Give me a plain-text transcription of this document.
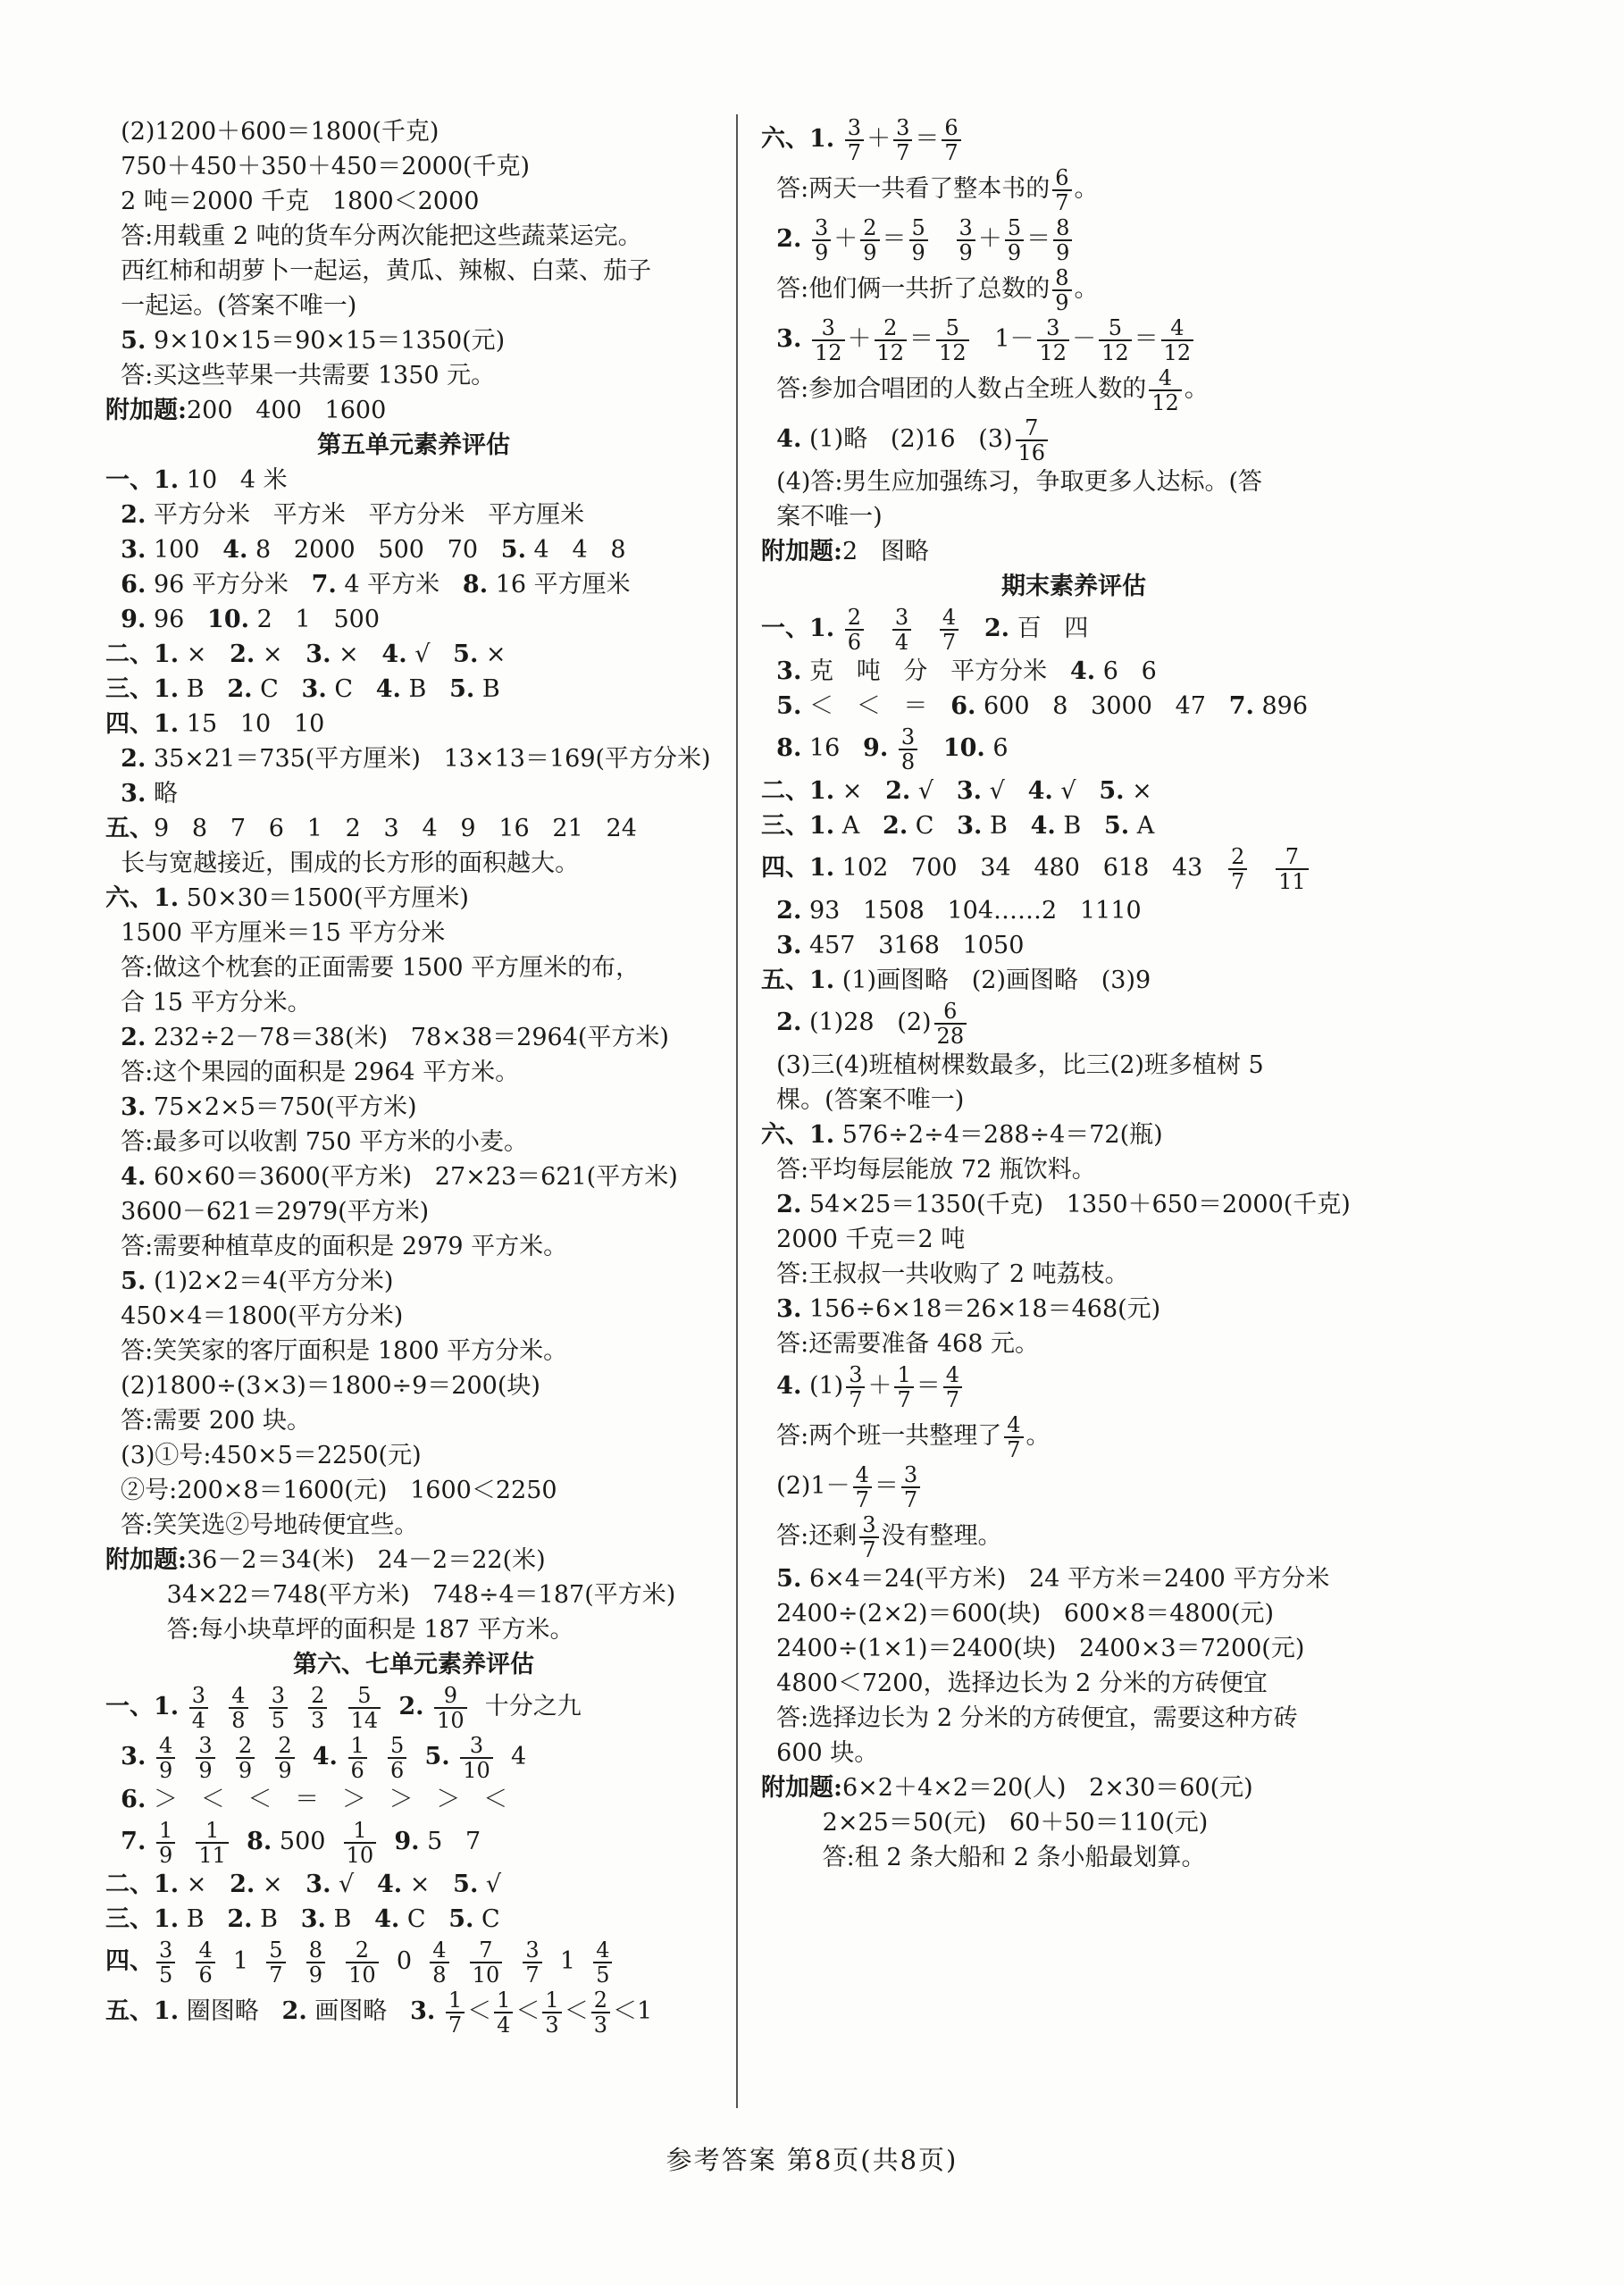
(2)1200＋600＝1800(千克)
750＋450＋350＋450＝2000(千克)
2 吨＝2000 千克   1800＜2000
答:用载重 2 吨的货车分两次能把这些蔬菜运完。
西红柿和胡萝卜一起运，黄瓜、辣椒、白菜、茄子
一起运。(答案不唯一)
5. 9×10×15＝90×15＝1350(元)
答:买这些苹果一共需要 1350 元。
附加题:200   400   1600
第五单元素养评估
一、1. 10   4 米
2. 平方分米   平方米   平方分米   平方厘米
3. 100   4. 8   2000   500   70   5. 4   4   8
6. 96 平方分米   7. 4 平方米   8. 16 平方厘米
9. 96   10. 2   1   500
二、1. ×   2. ×   3. ×   4. √   5. ×
三、1. B   2. C   3. C   4. B   5. B
四、1. 15   10   10
2. 35×21＝735(平方厘米)   13×13＝169(平方分米)
3. 略
五、9   8   7   6   1   2   3   4   9   16   21   24
长与宽越接近，围成的长方形的面积越大。
六、1. 50×30＝1500(平方厘米)
1500 平方厘米＝15 平方分米
答:做这个枕套的正面需要 1500 平方厘米的布，
合 15 平方分米。
2. 232÷2－78＝38(米)   78×38＝2964(平方米)
答:这个果园的面积是 2964 平方米。
3. 75×2×5＝750(平方米)
答:最多可以收割 750 平方米的小麦。
4. 60×60＝3600(平方米)   27×23＝621(平方米)
3600－621＝2979(平方米)
答:需要种植草皮的面积是 2979 平方米。
5. (1)2×2＝4(平方分米)
450×4＝1800(平方分米)
答:笑笑家的客厅面积是 1800 平方分米。
(2)1800÷(3×3)＝1800÷9＝200(块)
答:需要 200 块。
(3)①号:450×5＝2250(元)
②号:200×8＝1600(元)   1600＜2250
答:笑笑选②号地砖便宜些。
附加题:36－2＝34(米)   24－2＝22(米)
34×22＝748(平方米)   748÷4＝187(平方米)
答:每小块草坪的面积是 187 平方米。
第六、七单元素养评估
一、1. $\frac{3}{4}$
$\frac{4}{8}$
$\frac{3}{5}$
$\frac{2}{3}$
$\frac{5}{14} 2$. $\frac{9}{10}$ 十分之九
3. $\frac{4}{9}$
$\frac{3}{9}$
$\frac{2}{9}$
$\frac{2}{9} 4$. $\frac{1}{6}$
$\frac{5}{6} 5$. $\frac{3}{10} 4$
6. ＞   ＜   ＜   ＝   ＞   ＞   ＞   ＜
7. $\frac{1}{9}$
$\frac{1}{11} 8$. $500 \frac{1}{10} 9$. 5   7
二、1. ×   2. ×   3. √   4. ×   5. √
三、1. B   2. B   3. B   4. C   5. C
四、 $\frac{3}{5}$
$\frac{4}{6} 1 \frac{5}{7}$
$\frac{8}{9}$
$\frac{2}{10} 0 \frac{4}{8}$
$\frac{7}{10}$
$\frac{3}{7} 1 \frac{4}{5}$
五、1. 圈图略   2. 画图略   3. $\frac{1}{7} < \frac{1}{4} < \frac{1}{3} < \frac{2}{3} <1$
六、1. $\frac{3}{7} + \frac{3}{7} = \frac{6}{7}$
答:两天一共看了整本书的 $\frac{6}{7}$ 。
2. $\frac{3}{9} + \frac{2}{9} = \frac{5}{9}$
$\frac{3}{9} + \frac{5}{9} = \frac{8}{9}$
答:他们俩一共折了总数的 $\frac{8}{9}$ 。
3. $\frac{3}{12} + \frac{2}{12} = \frac{5}{12} 1- \frac{3}{12} - \frac{5}{12} = \frac{4}{12}$
答:参加合唱团的人数占全班人数的 $\frac{4}{12}$ 。
4. (1)略   (2)16   $(3) \frac{7}{16}$
(4)答:男生应加强练习，争取更多人达标。(答
案不唯一)
附加题:2   图略
期末素养评估
一、1. $\frac{2}{6}$
$\frac{3}{4}$
$\frac{4}{7} 2$. 百   四
3. 克   吨   分   平方分米   4. 6   6
5. ＜   ＜   ＝   6. 600   8   3000   47   7. 896
8. 16   9. $\frac{3}{8} 10$. 6
二、1. ×   2. √   3. √   4. √   5. ×
三、1. A   2. C   3. B   4. B   5. A
四、1. 102   700   34   480   618   $43 \frac{2}{7}$
$\frac{7}{11}$
2. 93   1508   104……2   1110
3. 457   3168   1050
五、1. (1)画图略   (2)画图略   (3)9
2. (1)28   $(2) \frac{6}{28}$
(3)三(4)班植树棵数最多，比三(2)班多植树 5
棵。(答案不唯一)
六、1. 576÷2÷4＝288÷4＝72(瓶)
答:平均每层能放 72 瓶饮料。
2. 54×25＝1350(千克)   1350＋650＝2000(千克)
2000 千克＝2 吨
答:王叔叔一共收购了 2 吨荔枝。
3. 156÷6×18＝26×18＝468(元)
答:还需要准备 468 元。
4. $(1) \frac{3}{7} + \frac{1}{7} = \frac{4}{7}$
答:两个班一共整理了 $\frac{4}{7}$ 。
$(2)1- \frac{4}{7} = \frac{3}{7}$
答:还剩 $\frac{3}{7}$ 没有整理。
5. 6×4＝24(平方米)   24 平方米＝2400 平方分米
2400÷(2×2)＝600(块)   600×8＝4800(元)
2400÷(1×1)＝2400(块)   2400×3＝7200(元)
4800＜7200，选择边长为 2 分米的方砖便宜
答:选择边长为 2 分米的方砖便宜，需要这种方砖
600 块。
附加题:6×2＋4×2＝20(人)   2×30＝60(元)
2×25＝50(元)   60＋50＝110(元)
答:租 2 条大船和 2 条小船最划算。
参考答案 第8页(共8页)
